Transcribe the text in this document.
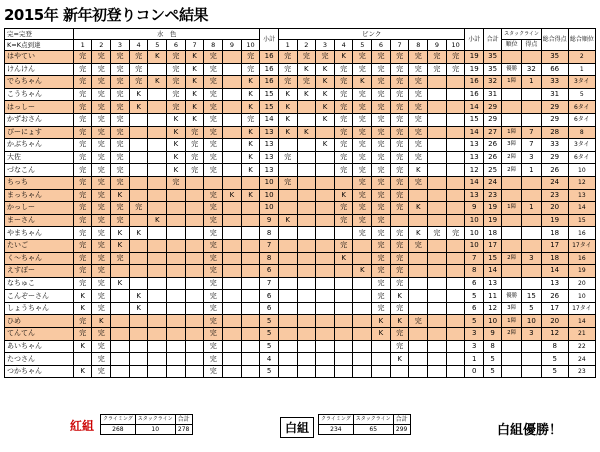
2015年 新年初登りコンペ結果
完=完登	水　色										小計	ピンク										小計	合計	スタックライン		総合得点	総合順位
K=K点到達	1	2	3	4	5	6	7	8	9	10		1	2	3	4	5	6	7	8	9	10			順位	得点		
はやてい	完	完	完	完	K	完	K	完		完	16	完	完	完	K	完	完	完	完	完	完	19	35			35	2
けんけん	完	完	完	完		完	K	完		完	16	完	K	K	完	完	完	完	完	完	完	19	35	優勝	32	66	1
でらちゃん	完	完	完	完	K	完	K	完		K	16	完	完	K	完	K	完	完	完			16	32	1障	1	33	3タイ
こうちゃん	完	完	完	K		完	K	完		K	15	K	K	K	完	完	完	完	完			16	31			31	5
はっしー	完	完	完	K		完	K	完		K	15	K		K	完	完	完	完	完			14	29			29	6タイ
かずおさん	完	完	完			K	K	完		完	14	K		K	完	完	完	完	完			15	29			29	6タイ
ぴーにょす	完	完	完			K	完	完		K	13	K	K		完	完	完	完	完			14	27	1障	7	28	8
かぶちゃん	完	完	完			K	完	完		K	13			K	完	完	完	完	完			13	26	3障	7	33	3タイ
大佐	完	完	完			K	完	完		K	13	完			完	完	完	完	完			13	26	2障	3	29	6タイ
づなこん	完	完	完			K	完	完		K	13				完	完	完	完	K			12	25	2障	1	26	10
ちっち	完	完	完			完					10	完				完	完	完	完			14	24			24	12
まっちゃん	完	完	K					完	K	K	10				K	完	完	完				13	23			23	13
かっしー	完	完	完	完				完			10				完	完	完	完	K			9	19	1障	1	20	14
まーさん	完	完	完		K			完			9	K			完	完	完					10	19			19	15
やまちゃん	完	完	K	K				完			8					完	完	完	K	完	完	10	18			18	16
たいご	完	完	K					完			7				完		完	完	完			10	17			17	17タイ
く～ちゃん	完	完	完					完			8				K		完	完				7	15	2障	3	18	16
えすぽー	完	完						完			6					K	完	完				8	14			14	19
なちゅこ	完	完	K					完			7						完	完				6	13			13	20
こんぞーさん	K	完		K				完			6						完	K				5	11	優勝	15	26	10
しょうちゃん	K	完		K				完			6						完	完				6	12	3障	5	17	17タイ
ひめ	完	K						完			5						K	K	完			5	10	1障	10	20	14
てんてん	完	完						完			5						K	完				3	9	2障	3	12	21
あいちゃん	K	完						完			5							完				3	8			8	22
たつさん		完						完			4							K				1	5			5	24
つかちゃん	K	完						完			5											0	5			5	23
紅組 クライミング	スタックライン	合計
268	10	278	白組
クライミング	スタックライン	合計
234	65	299	白組優勝！
